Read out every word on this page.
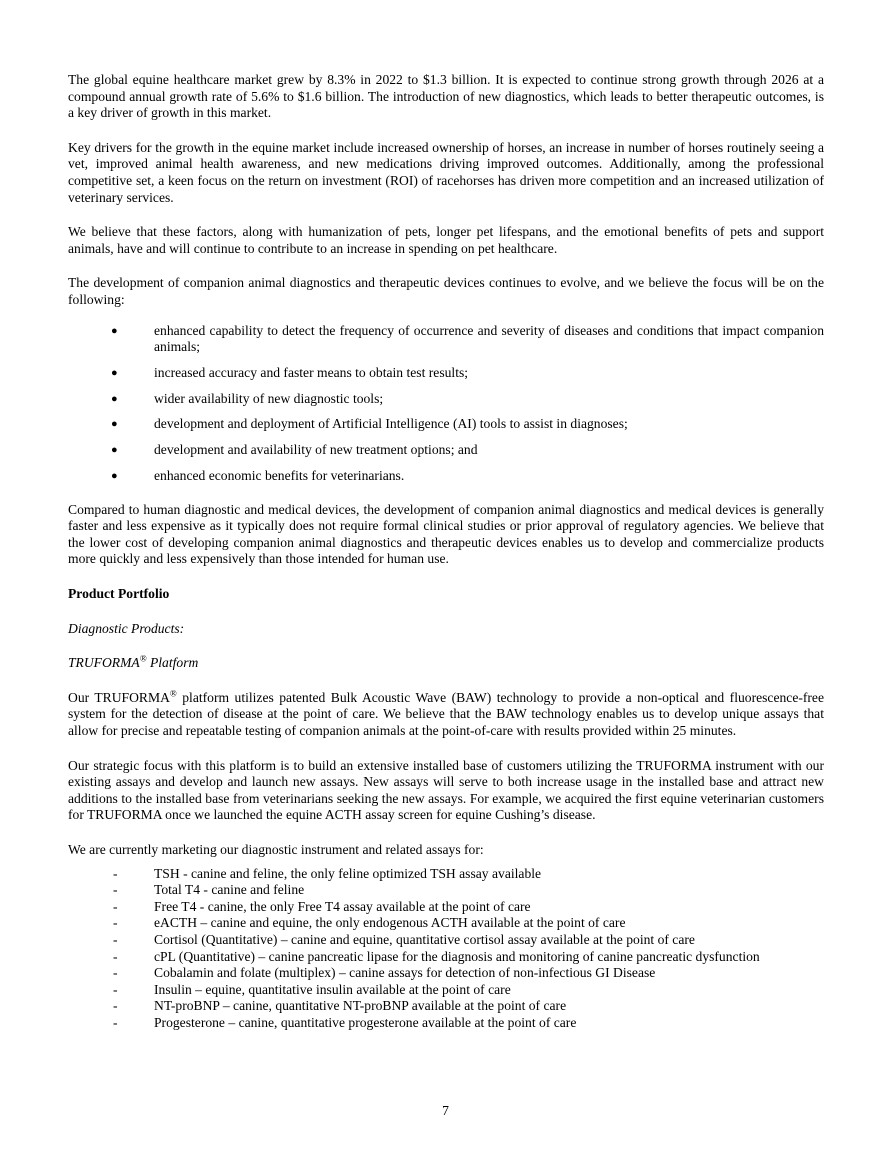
The global equine healthcare market grew by 8.3% in 2022 to $1.3 billion. It is expected to continue strong growth through 2026 at a compound annual growth rate of 5.6% to $1.6 billion. The introduction of new diagnostics, which leads to better therapeutic outcomes, is a key driver of growth in this market.

Key drivers for the growth in the equine market include increased ownership of horses, an increase in number of horses routinely seeing a vet, improved animal health awareness, and new medications driving improved outcomes. Additionally, among the professional competitive set, a keen focus on the return on investment (ROI) of racehorses has driven more competition and an increased utilization of veterinary services.

We believe that these factors, along with humanization of pets, longer pet lifespans, and the emotional benefits of pets and support animals, have and will continue to contribute to an increase in spending on pet healthcare.

The development of companion animal diagnostics and therapeutic devices continues to evolve, and we believe the focus will be on the following:

●	enhanced capability to detect the frequency of occurrence and severity of diseases and conditions that impact companion animals;
●	increased accuracy and faster means to obtain test results;
●	wider availability of new diagnostic tools;
●	development and deployment of Artificial Intelligence (AI) tools to assist in diagnoses;
●	development and availability of new treatment options; and
●	enhanced economic benefits for veterinarians.

Compared to human diagnostic and medical devices, the development of companion animal diagnostics and medical devices is generally faster and less expensive as it typically does not require formal clinical studies or prior approval of regulatory agencies. We believe that the lower cost of developing companion animal diagnostics and therapeutic devices enables us to develop and commercialize products more quickly and less expensively than those intended for human use.

Product Portfolio
Diagnostic Products:
TRUFORMA® Platform

Our TRUFORMA® platform utilizes patented Bulk Acoustic Wave (BAW) technology to provide a non-optical and fluorescence-free system for the detection of disease at the point of care. We believe that the BAW technology enables us to develop unique assays that allow for precise and repeatable testing of companion animals at the point-of-care with results provided within 25 minutes.

Our strategic focus with this platform is to build an extensive installed base of customers utilizing the TRUFORMA instrument with our existing assays and develop and launch new assays. New assays will serve to both increase usage in the installed base and attract new additions to the installed base from veterinarians seeking the new assays. For example, we acquired the first equine veterinarian customers for TRUFORMA once we launched the equine ACTH assay screen for equine Cushing’s disease.

We are currently marketing our diagnostic instrument and related assays for:

-	TSH - canine and feline, the only feline optimized TSH assay available
-	Total T4 - canine and feline
-	Free T4 - canine, the only Free T4 assay available at the point of care
-	eACTH – canine and equine, the only endogenous ACTH available at the point of care
-	Cortisol (Quantitative) – canine and equine, quantitative cortisol assay available at the point of care
-	cPL (Quantitative) – canine pancreatic lipase for the diagnosis and monitoring of canine pancreatic dysfunction
-	Cobalamin and folate (multiplex) – canine assays for detection of non-infectious GI Disease
-	Insulin – equine, quantitative insulin available at the point of care
-	NT-proBNP – canine, quantitative NT-proBNP available at the point of care
-	Progesterone – canine, quantitative progesterone available at the point of care
7
